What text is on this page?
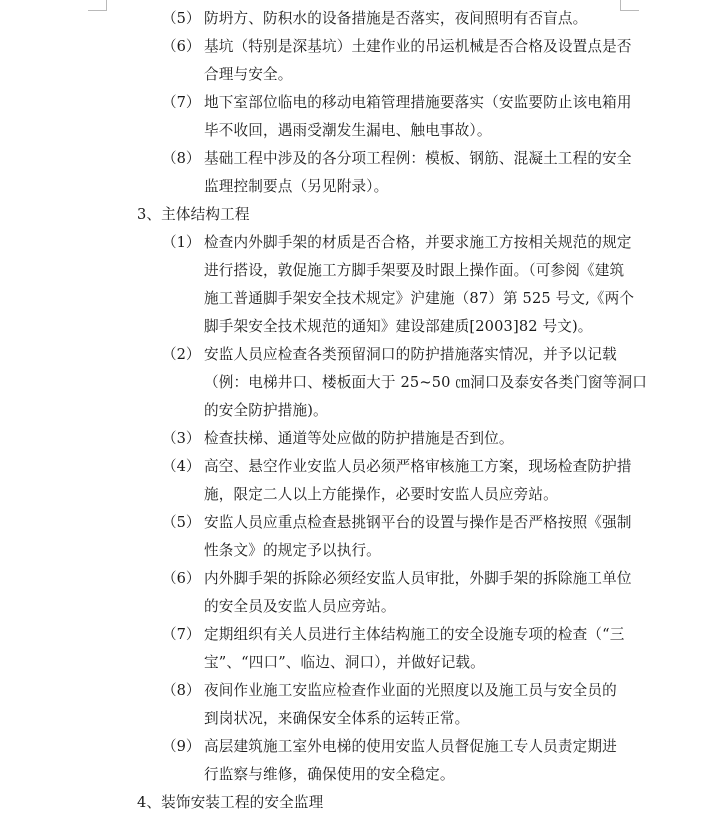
（5） 防坍方、防积水的设备措施是否落实，夜间照明有否盲点。
（6） 基坑（特别是深基坑）土建作业的吊运机械是否合格及设置点是否
合理与安全。
（7） 地下室部位临电的移动电箱管理措施要落实（安监要防止该电箱用
毕不收回，遇雨受潮发生漏电、触电事故）。
（8） 基础工程中涉及的各分项工程例：模板、钢筋、混凝土工程的安全
监理控制要点（另见附录）。
3、主体结构工程
（1） 检查内外脚手架的材质是否合格，并要求施工方按相关规范的规定
进行搭设，敦促施工方脚手架要及时跟上操作面。（可参阅《建筑
施工普通脚手架安全技术规定》沪建施（87）第 525 号文,《两个
脚手架安全技术规范的通知》建设部建质[2003]82 号文)。
（2） 安监人员应检查各类预留洞口的防护措施落实情况，并予以记载
（例：电梯井口、楼板面大于 25~50 ㎝洞口及泰安各类门窗等洞口
的安全防护措施)。
（3） 检查扶梯、通道等处应做的防护措施是否到位。
（4） 高空、悬空作业安监人员必须严格审核施工方案，现场检查防护措
施，限定二人以上方能操作，必要时安监人员应旁站。
（5） 安监人员应重点检查悬挑钢平台的设置与操作是否严格按照《强制
性条文》的规定予以执行。
（6） 内外脚手架的拆除必须经安监人员审批，外脚手架的拆除施工单位
的安全员及安监人员应旁站。
（7） 定期组织有关人员进行主体结构施工的安全设施专项的检查（“三
宝”、“四口”、临边、洞口），并做好记载。
（8） 夜间作业施工安监应检查作业面的光照度以及施工员与安全员的
到岗状况，来确保安全体系的运转正常。
（9） 高层建筑施工室外电梯的使用安监人员督促施工专人员责定期进
行监察与维修，确保使用的安全稳定。
4、装饰安装工程的安全监理
